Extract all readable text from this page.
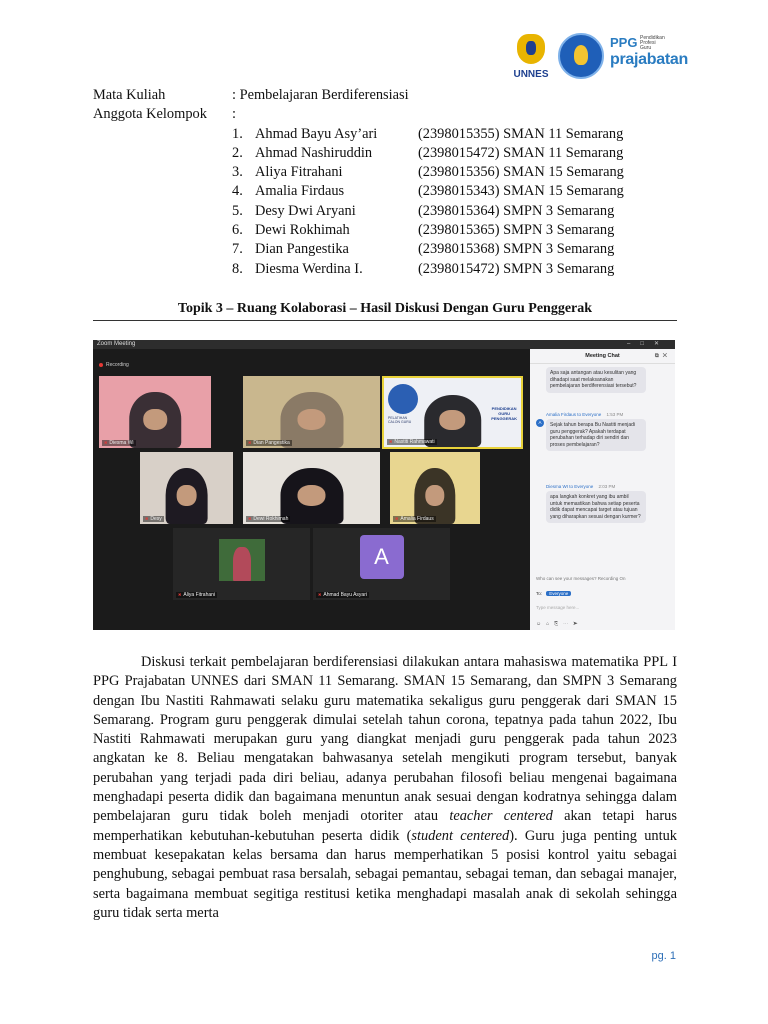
UNNES
PPG Pendidikan Profesi Guru
prajabatan
Mata Kuliah	: Pembelajaran Berdiferensiasi
Anggota Kelompok :
1. Ahmad Bayu Asy’ari	(2398015355) SMAN 11 Semarang
2. Ahmad Nashiruddin	(2398015472) SMAN 11 Semarang
3. Aliya Fitrahani	(2398015356) SMAN 15 Semarang
4. Amalia Firdaus	(2398015343) SMAN 15 Semarang
5. Desy Dwi Aryani	(2398015364) SMPN 3 Semarang
6. Dewi Rokhimah	(2398015365) SMPN 3 Semarang
7. Dian Pangestika	(2398015368) SMPN 3 Semarang
8. Diesma Werdina I.	(2398015472) SMPN 3 Semarang
Topik 3 – Ruang Kolaborasi – Hasil Diskusi Dengan Guru Penggerak
Zoom Meeting	–□✕
Recording
✖ Diesma Wi	✖ Dian Pangestika
PELATIHAN
CALON GURU
PENDIDIKAN
GURU
PENGGERAK
✖ Nastiti Rahmawati
✖ Desy	✖ Dewi Rokhimah	✖ Amalia Firdaus
✖ Aliya Fitrahani
A
✖ Ahmad Bayu Asyari
Meeting Chat	⧉✕
Apa saja antangan atau kesulitan yang dihadapi saat melaksanakan pembelajaran berdiferensiasi tersebut?
Amalia Firdaus to Everyone 1:53 PM
A	Sejak tahun berapa Bu Nastiti menjadi guru penggerak? Apakah terdapat perubahan terhadap diri sendiri dan proses pembelajaran?
Diesma WI to Everyone 2:03 PM
apa langkah konkret yang ibu ambil untuk memastikan bahwa setiap peserta didik dapat mencapai target atau tujuan yang diharapkan sesuai dengan kurmer?
Who can see your messages? Recording On
To: Everyone
Type message here...
☺⌂⎘⋯➤

Diskusi terkait pembelajaran berdiferensiasi dilakukan antara mahasiswa matematika PPL I PPG Prajabatan UNNES dari SMAN 11 Semarang. SMAN 15 Semarang, dan SMPN 3 Semarang dengan Ibu Nastiti Rahmawati selaku guru matematika sekaligus guru penggerak dari SMAN 15 Semarang. Program guru penggerak dimulai setelah tahun corona, tepatnya pada tahun 2022, Ibu Nastiti Rahmawati merupakan guru yang diangkat menjadi guru penggerak pada tahun 2023 angkatan ke 8. Beliau mengatakan bahwasanya setelah mengikuti program tersebut, banyak perubahan yang terjadi pada diri beliau, adanya perubahan filosofi beliau mengenai bagaimana menghadapi peserta didik dan bagaimana menuntun anak sesuai dengan kodratnya sehingga dalam pembelajaran guru tidak boleh menjadi otoriter atau teacher centered akan tetapi harus memperhatikan kebutuhan-kebutuhan peserta didik (student centered). Guru juga penting untuk membuat kesepakatan kelas bersama dan harus memperhatikan 5 posisi kontrol yaitu sebagai penghubung, sebagai pembuat rasa bersalah, sebagai pemantau, sebagai teman, dan sebagai manajer, serta bagaimana membuat segitiga restitusi ketika menghadapi masalah anak di sekolah sehingga guru tidak serta merta

pg. 1
